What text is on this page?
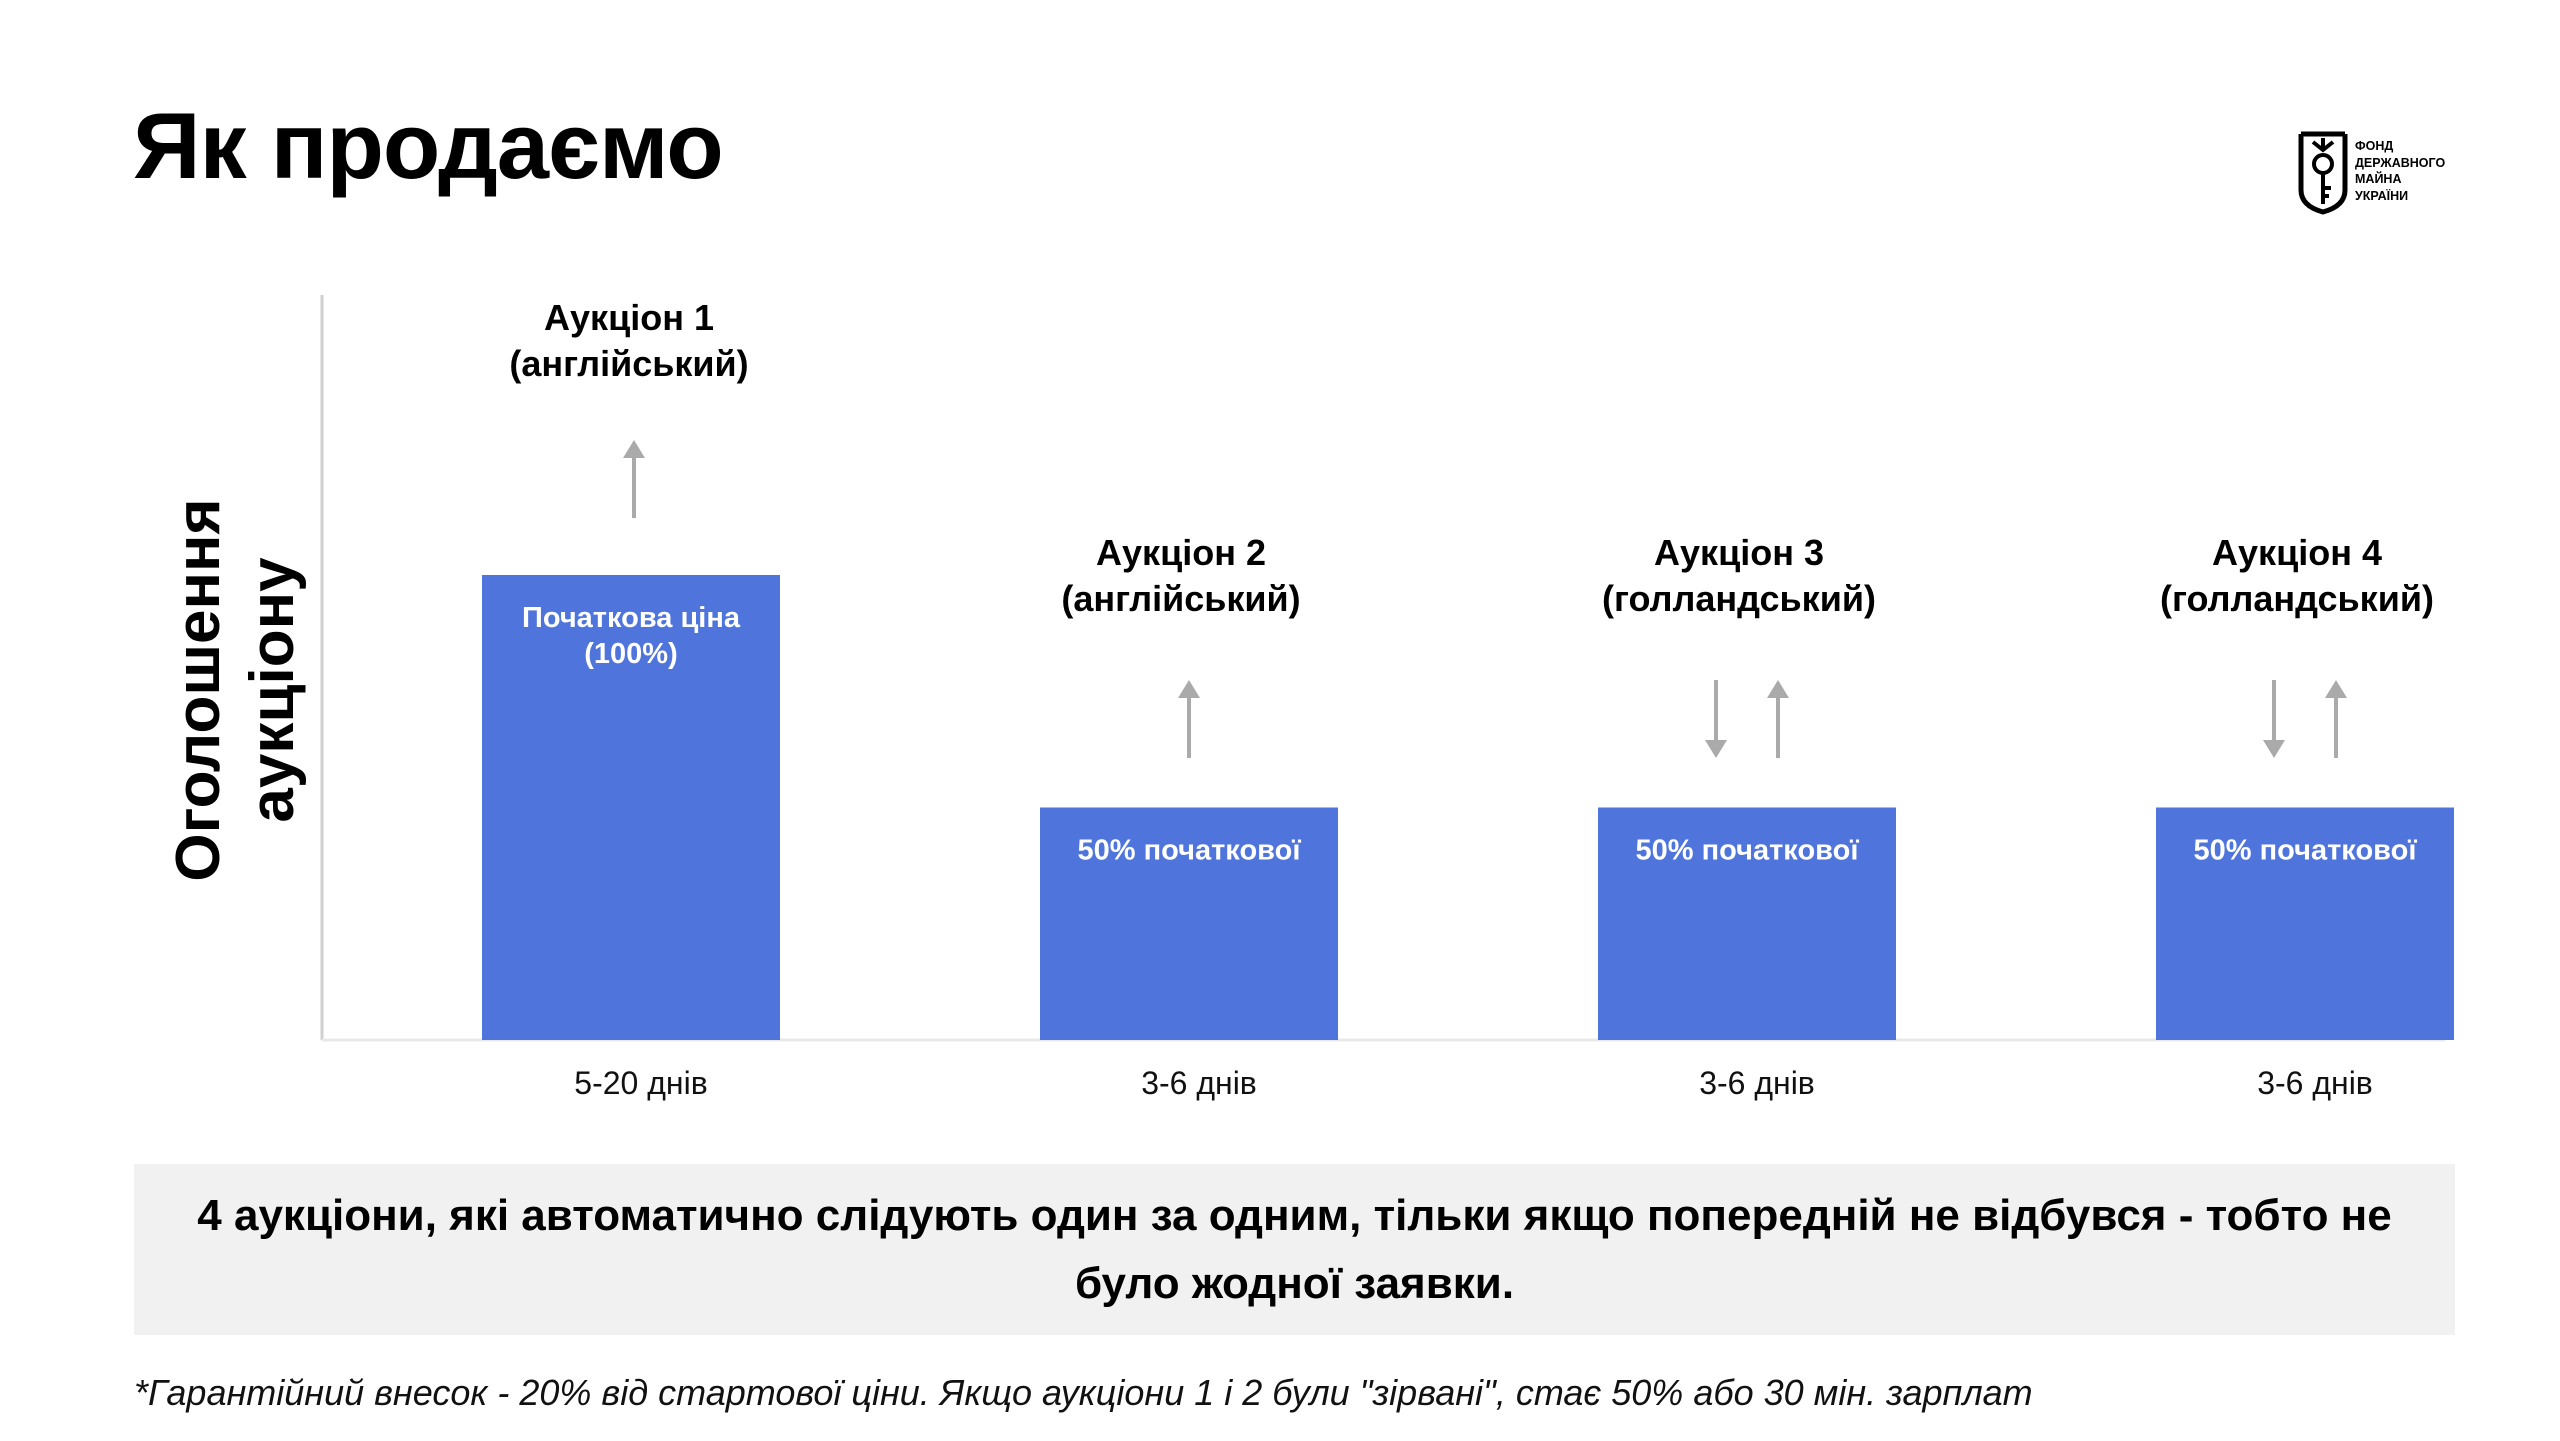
Як продаємо	ФОНД
ДЕРЖАВНОГО
МАЙНА
УКРАЇНИ
Оголошення
аукціону	Початкова ціна (100%)
Аукціон 1 (англійський)
5-20 днів
50% початкової
Аукціон 2 (англійський)
3-6 днів
50% початкової
Аукціон 3 (голландський)
3-6 днів
50% початкової
Аукціон 4 (голландський)
3-6 днів
4 аукціони, які автоматично слідують один за одним, тільки якщо попередній не відбувся - тобто не було жодної заявки.
*Гарантійний внесок - 20% від стартової ціни. Якщо аукціони 1 і 2 були "зірвані", стає 50% або 30 мін. зарплат
